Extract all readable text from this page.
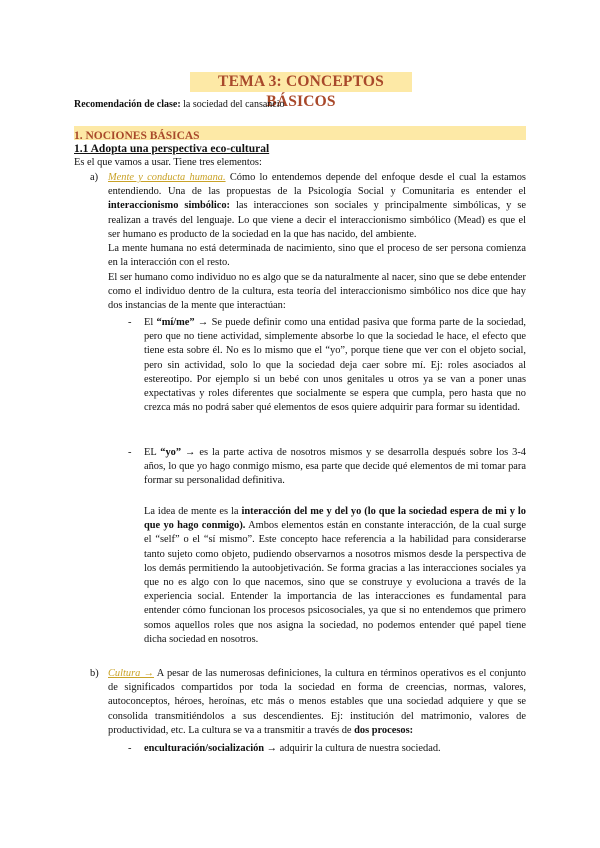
TEMA 3: CONCEPTOS BÁSICOS
Recomendación de clase: la sociedad del cansancio
1. NOCIONES BÁSICAS
1.1 Adopta una perspectiva eco-cultural
Es el que vamos a usar. Tiene tres elementos:
a) Mente y conducta humana. Cómo lo entendemos depende del enfoque desde el cual la estamos entendiendo. Una de las propuestas de la Psicología Social y Comunitaria es entender el interaccionismo simbólico: las interacciones son sociales y principalmente simbólicas, y se realizan a través del lenguaje. Lo que viene a decir el interaccionismo simbólico (Mead) es que el ser humano es producto de la sociedad en la que has nacido, del ambiente.
La mente humana no está determinada de nacimiento, sino que el proceso de ser persona comienza en la interacción con el resto.
El ser humano como individuo no es algo que se da naturalmente al nacer, sino que se debe entender como el individuo dentro de la cultura, esta teoría del interaccionismo simbólico nos dice que hay dos instancias de la mente que interactúan:
- El “mí/me” → Se puede definir como una entidad pasiva que forma parte de la sociedad, pero que no tiene actividad, simplemente absorbe lo que la sociedad le hace, el efecto que tiene esta sobre él. No es lo mismo que el “yo”, porque tiene que ver con el objeto social, pero sin actividad, solo lo que la sociedad deja caer sobre mí. Ej: roles asociados al estereotipo. Por ejemplo si un bebé con unos genitales u otros ya se van a poner unas expectativas y roles diferentes que socialmente se espera que cumpla, pero hasta que no crezca más no podrá saber qué elementos de esos quiere adquirir para formar su identidad.
- EL “yo” → es la parte activa de nosotros mismos y se desarrolla después sobre los 3-4 años, lo que yo hago conmigo mismo, esa parte que decide qué elementos de mi tomar para formar su personalidad definitiva.
La idea de mente es la interacción del me y del yo (lo que la sociedad espera de mi y lo que yo hago conmigo). Ambos elementos están en constante interacción, de la cual surge el “self” o el “sí mismo”. Este concepto hace referencia a la habilidad para considerarse tanto sujeto como objeto, pudiendo observarnos a nosotros mismos desde la perspectiva de los demás permitiendo la autoobjetivación. Se forma gracias a las interacciones sociales ya que no es algo con lo que nacemos, sino que se construye y evoluciona a través de la experiencia social. Entender la importancia de las interacciones es fundamental para entender cómo funcionan los procesos psicosociales, ya que si no entendemos que primero somos aquellos roles que nos asigna la sociedad, no podemos entender qué papel tiene dicha sociedad en nosotros.
b) Cultura → A pesar de las numerosas definiciones, la cultura en términos operativos es el conjunto de significados compartidos por toda la sociedad en forma de creencias, normas, valores, autoconceptos, héroes, heroínas, etc más o menos estables que una sociedad adquiere y que se consolida transmitiéndolos a sus descendientes. Ej: institución del matrimonio, valores de productividad, etc. La cultura se va a transmitir a través de dos procesos:
- enculturación/socialización → adquirir la cultura de nuestra sociedad.
